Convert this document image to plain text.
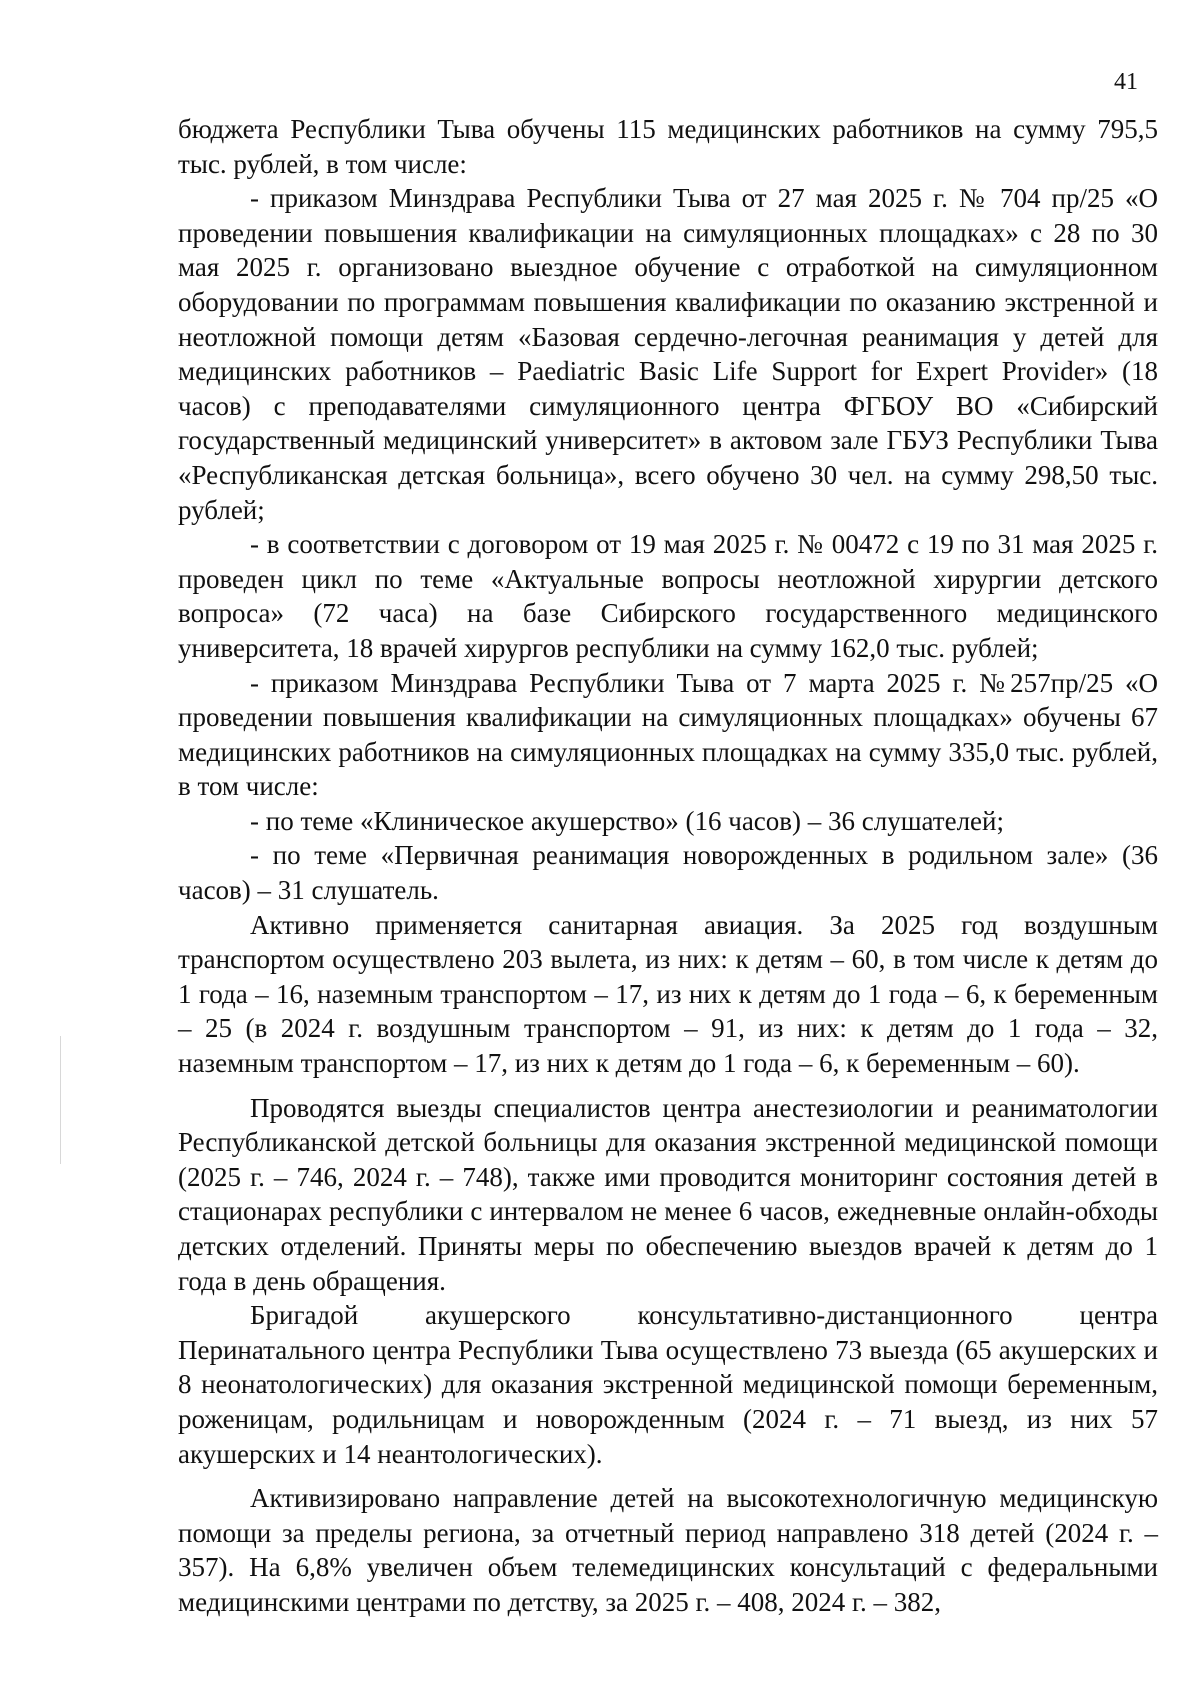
41

бюджета Республики Тыва обучены 115 медицинских работников на сумму 795,5 тыс. рублей, в том числе:

- приказом Минздрава Республики Тыва от 27 мая 2025 г. № 704 пр/25 «О проведении повышения квалификации на симуляционных площадках» с 28 по 30 мая 2025 г. организовано выездное обучение с отработкой на симуляционном оборудовании по программам повышения квалификации по оказанию экстренной и неотложной помощи детям «Базовая сердечно-легочная реанимация у детей для медицинских работников – Paediatric Basic Life Support for Expert Provider» (18 часов) с преподавателями симуляционного центра ФГБОУ ВО «Сибирский государственный медицинский университет» в актовом зале ГБУЗ Республики Тыва «Республиканская детская больница», всего обучено 30 чел. на сумму 298,50 тыс. рублей;

- в соответствии с договором от 19 мая 2025 г. № 00472 с 19 по 31 мая 2025 г. проведен цикл по теме «Актуальные вопросы неотложной хирургии детского вопроса» (72 часа) на базе Сибирского государственного медицинского университета, 18 врачей хирургов республики на сумму 162,0 тыс. рублей;

- приказом Минздрава Республики Тыва от 7 марта 2025 г. №257пр/25 «О проведении повышения квалификации на симуляционных площадках» обучены 67 медицинских работников на симуляционных площадках на сумму 335,0 тыс. рублей, в том числе:

- по теме «Клиническое акушерство» (16 часов) – 36 слушателей;

- по теме «Первичная реанимация новорожденных в родильном зале» (36 часов) – 31 слушатель.

Активно применяется санитарная авиация. За 2025 год воздушным транспортом осуществлено 203 вылета, из них: к детям – 60, в том числе к детям до 1 года – 16, наземным транспортом – 17, из них к детям до 1 года – 6, к беременным – 25 (в 2024 г. воздушным транспортом – 91, из них: к детям до 1 года – 32, наземным транспортом – 17, из них к детям до 1 года – 6, к беременным – 60).

Проводятся выезды специалистов центра анестезиологии и реаниматологии Республиканской детской больницы для оказания экстренной медицинской помощи (2025 г. – 746, 2024 г. – 748), также ими проводится мониторинг состояния детей в стационарах республики с интервалом не менее 6 часов, ежедневные онлайн-обходы детских отделений. Приняты меры по обеспечению выездов врачей к детям до 1 года в день обращения.

Бригадой акушерского консультативно-дистанционного центра Перинатального центра Республики Тыва осуществлено 73 выезда (65 акушерских и 8 неонатологических) для оказания экстренной медицинской помощи беременным, роженицам, родильницам и новорожденным (2024 г. – 71 выезд, из них 57 акушерских и 14 неантологических).

Активизировано направление детей на высокотехнологичную медицинскую помощи за пределы региона, за отчетный период направлено 318 детей (2024 г. – 357). На 6,8% увеличен объем телемедицинских консультаций с федеральными медицинскими центрами по детству, за 2025 г. – 408, 2024 г. – 382,
